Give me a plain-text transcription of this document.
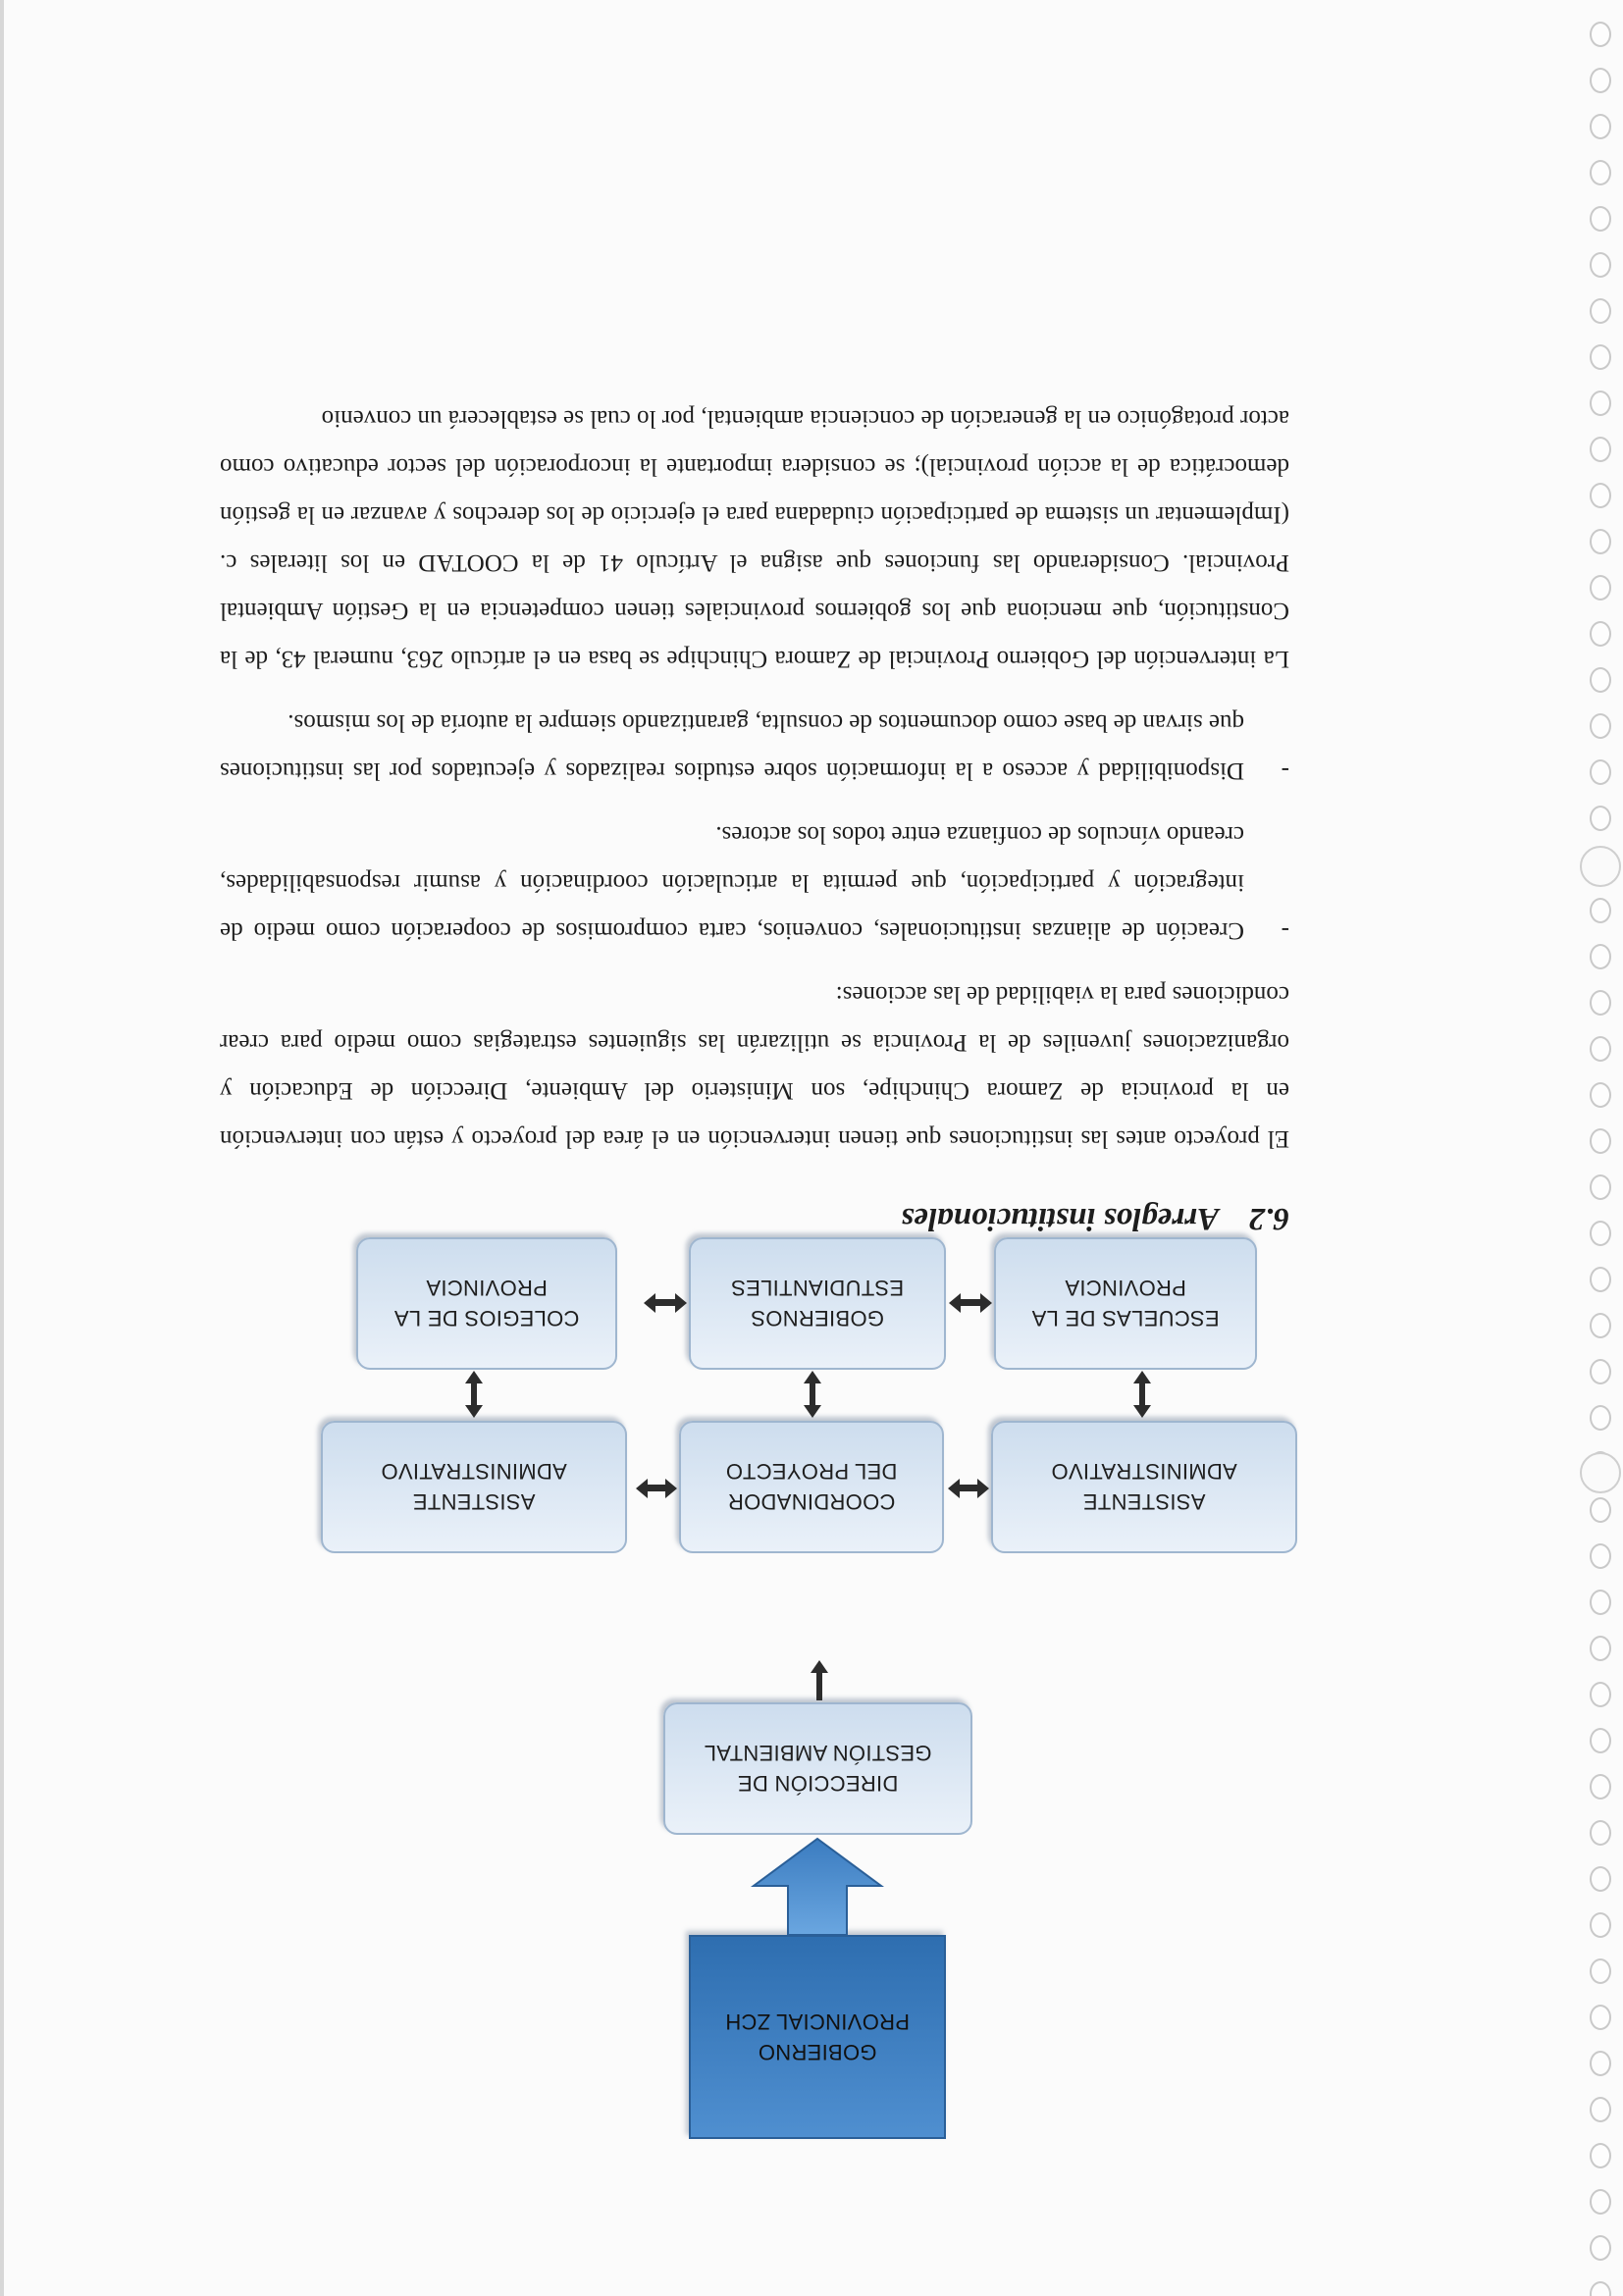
GOBIERNO
PROVINCIAL ZCH
DIRECCIÓN DE
GESTIÓN AMBIENTAL
ASISTENTE
ADMINISTRATIVO
COORDINADOR
DEL PROYECTO
ASISTENTE
ADMINISTRATIVO
ESCUELAS DE LA
PROVINCIA
GOBIERNOS
ESTUDIANTILES
COLEGIOS DE LA
PROVINCIA
6.2Arreglos institucionales

El proyecto antes las instituciones que tienen intervención en el área del proyecto y están con intervención en la provincia de Zamora Chinchipe, son Ministerio del Ambiente, Dirección de Educación y organizaciones juveniles de la Provincia se utilizarán las siguientes estrategias como medio para crear condiciones para la viabilidad de las acciones:

-
Creación de alianzas institucionales, convenios, carta compromisos de cooperación como medio de integración y participación, que permita la articulación coordinación y asumir responsabilidades, creando vínculos de confianza entre todos los actores.
-
Disponibilidad y acceso a la información sobre estudios realizados y ejecutados por las instituciones que sirvan de base como documentos de consulta, garantizando siempre la autoría de los mismos.

La intervención del Gobierno Provincial de Zamora Chinchipe se basa en el artículo 263, numeral 43, de la Constitución, que menciona que los gobiernos provinciales tienen competencia en la Gestión Ambiental Provincial. Considerando las funciones que asigna el Artículo 41 de la COOTAD en los literales c. (Implementar un sistema de participación ciudadana para el ejercicio de los derechos y avanzar en la gestión democrática de la acción provincial); se considera importante la incorporación del sector educativo como actor protagónico en la generación de conciencia ambiental, por lo cual se establecerá un convenio
